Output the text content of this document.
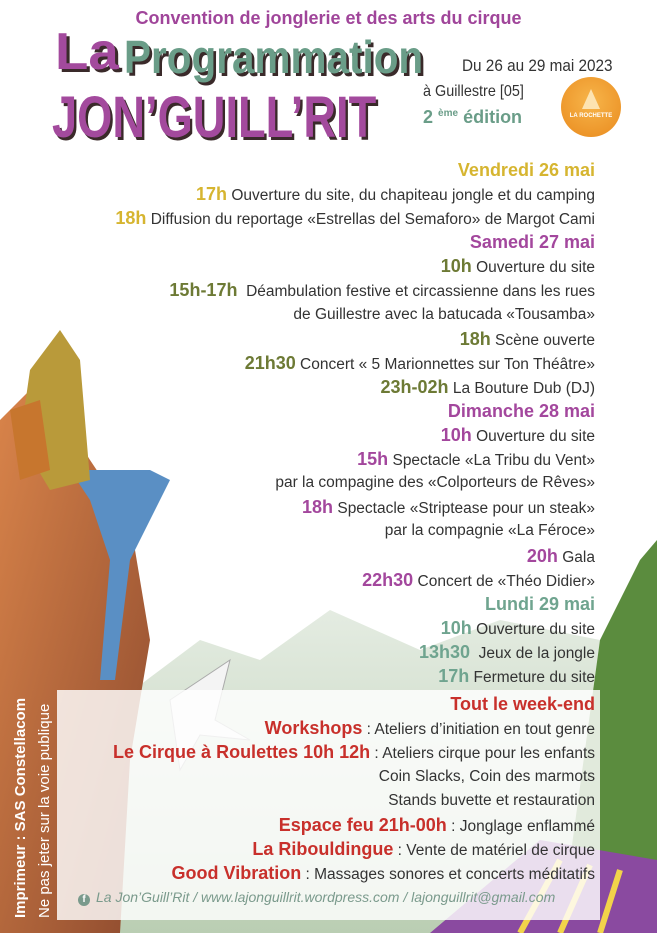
Convention de jonglerie et des arts du cirque
La Programmation
JON’GUILL’RIT
Du 26 au 29 mai 2023
à Guillestre [05]
2 $^{ème}$ édition	LA ROCHETTE
Vendredi 26 mai
17h Ouverture du site, du chapiteau jongle et du camping
18h Diffusion du reportage «Estrellas del Semaforo» de Margot Cami
Samedi 27 mai
10h Ouverture du site
15h-17h  Déambulation festive et circassienne dans les rues
de Guillestre avec la batucada «Tousamba»
18h Scène ouverte
21h30 Concert « 5 Marionnettes sur Ton Théâtre»
23h-02h La Bouture Dub (DJ)
Dimanche 28 mai
10h Ouverture du site
15h Spectacle «La Tribu du Vent»
par la compagine des «Colporteurs de Rêves»
18h Spectacle «Striptease pour un steak»
par la compagnie «La Féroce»
20h Gala
22h30 Concert de «Théo Didier»
Lundi 29 mai
10h Ouverture du site
13h30  Jeux de la jongle
17h Fermeture du site
Tout le week-end
Workshops : Ateliers d’initiation en tout genre
Le Cirque à Roulettes 10h 12h : Ateliers cirque pour les enfants
Coin Slacks, Coin des marmots
Stands buvette et restauration
Espace feu 21h-00h : Jonglage enflammé
La Ribouldingue : Vente de matériel de cirque
Good Vibration : Massages sonores et concerts méditatifs
f La Jon’Guill’Rit / www.lajonguillrit.wordpress.com / lajonguillrit@gmail.com
Imprimeur : SAS Constellacom Ne pas jeter sur la voie publique
